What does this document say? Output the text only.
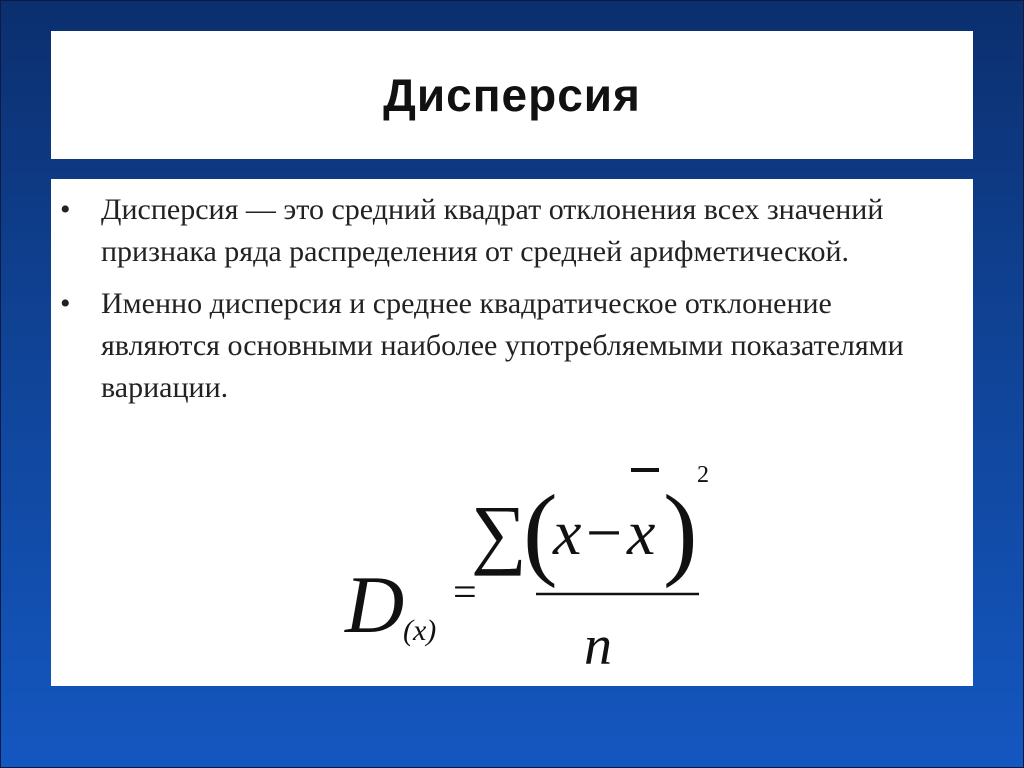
Дисперсия
• Дисперсия — это средний квадрат отклонения всех значений признака ряда распределения от средней арифметической.
• Именно дисперсия и среднее квадратическое отклонение являются основными наиболее употребляемыми показателями вариации.
∑
(
x − x ) 2
n
D
(x)
=
